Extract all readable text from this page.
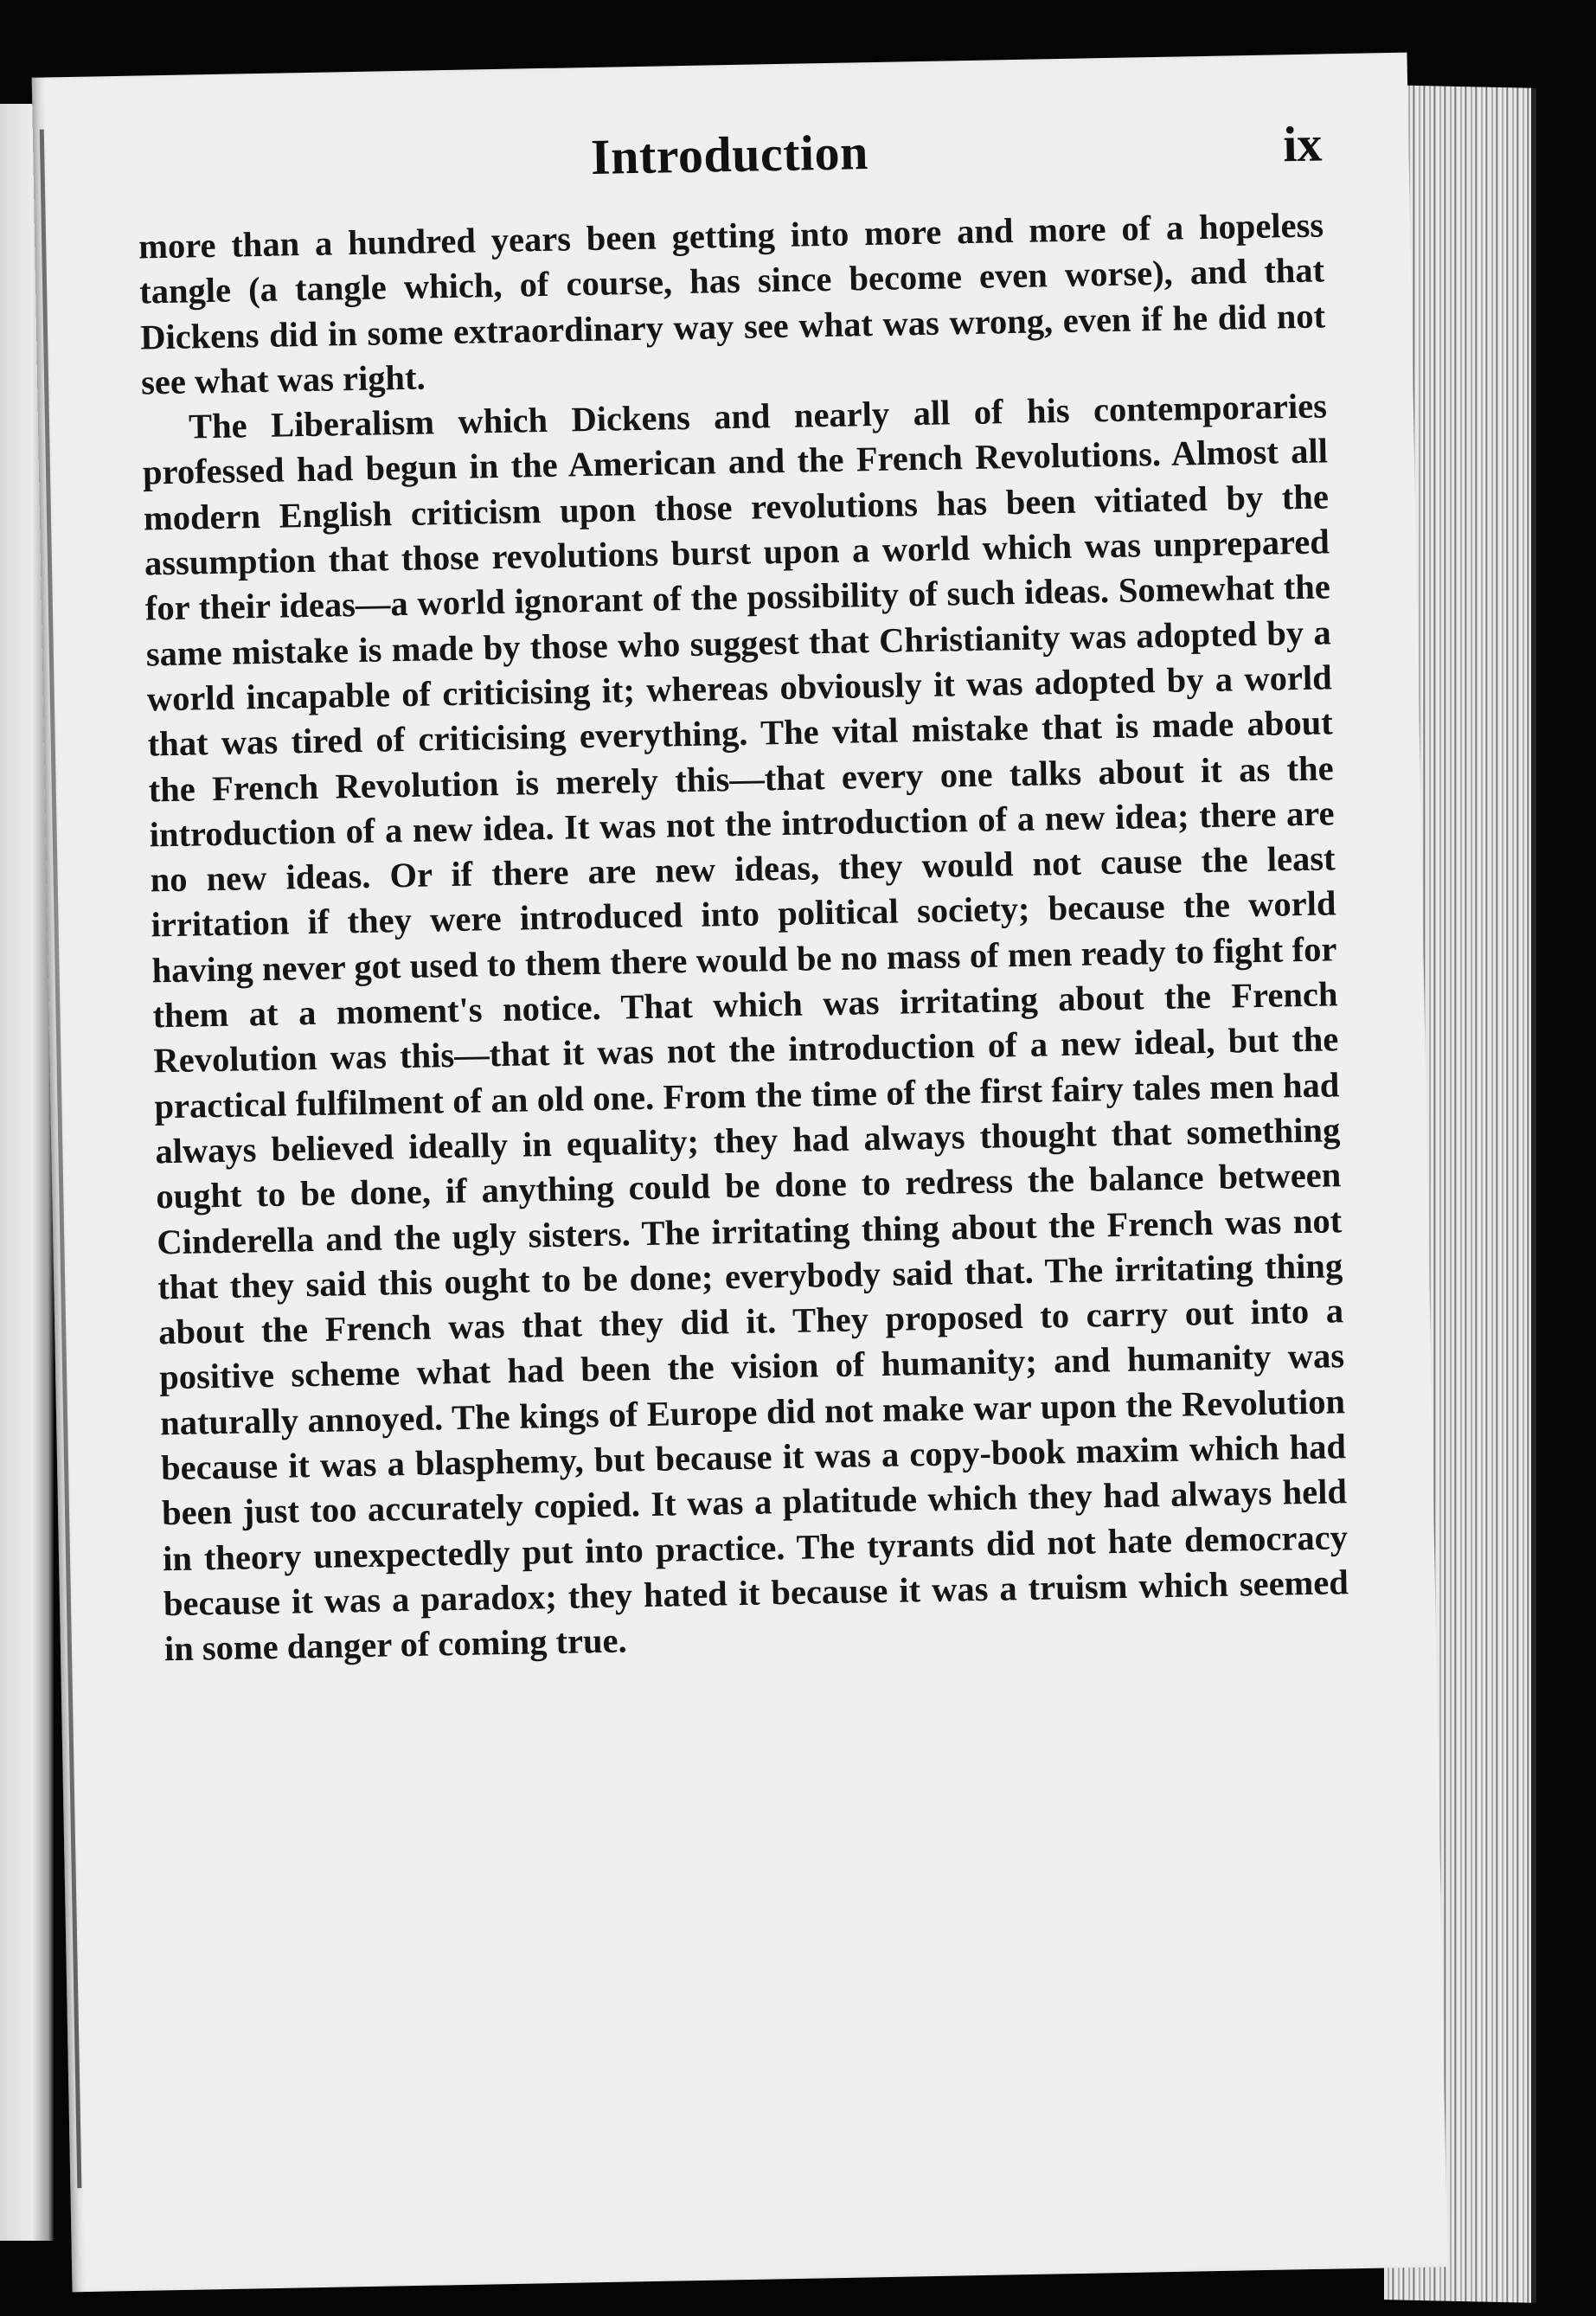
Introduction	ix

more than a hundred years been getting into more and more of a hopeless tangle (a tangle which, of course, has since become even worse), and that Dickens did in some extraordinary way see what was wrong, even if he did not see what was right.

The Liberalism which Dickens and nearly all of his contemporaries professed had begun in the American and the French Revolutions. Almost all modern English criticism upon those revolutions has been vitiated by the assumption that those revolutions burst upon a world which was unprepared for their ideas—a world ignorant of the possibility of such ideas. Somewhat the same mistake is made by those who suggest that Christianity was adopted by a world incapable of criticising it; whereas obviously it was adopted by a world that was tired of criticising everything. The vital mistake that is made about the French Revolution is merely this—that every one talks about it as the introduction of a new idea. It was not the introduction of a new idea; there are no new ideas. Or if there are new ideas, they would not cause the least irritation if they were introduced into political society; because the world having never got used to them there would be no mass of men ready to fight for them at a moment's notice. That which was irritating about the French Revolution was this—that it was not the introduction of a new ideal, but the practical fulfilment of an old one. From the time of the first fairy tales men had always believed ideally in equality; they had always thought that something ought to be done, if anything could be done to redress the balance between Cinderella and the ugly sisters. The irritating thing about the French was not that they said this ought to be done; everybody said that. The irritating thing about the French was that they did it. They proposed to carry out into a positive scheme what had been the vision of humanity; and humanity was naturally annoyed. The kings of Europe did not make war upon the Revolution because it was a blasphemy, but because it was a copy-book maxim which had been just too accurately copied. It was a platitude which they had always held in theory unexpectedly put into practice. The tyrants did not hate democracy because it was a paradox; they hated it because it was a truism which seemed in some danger of coming true.
